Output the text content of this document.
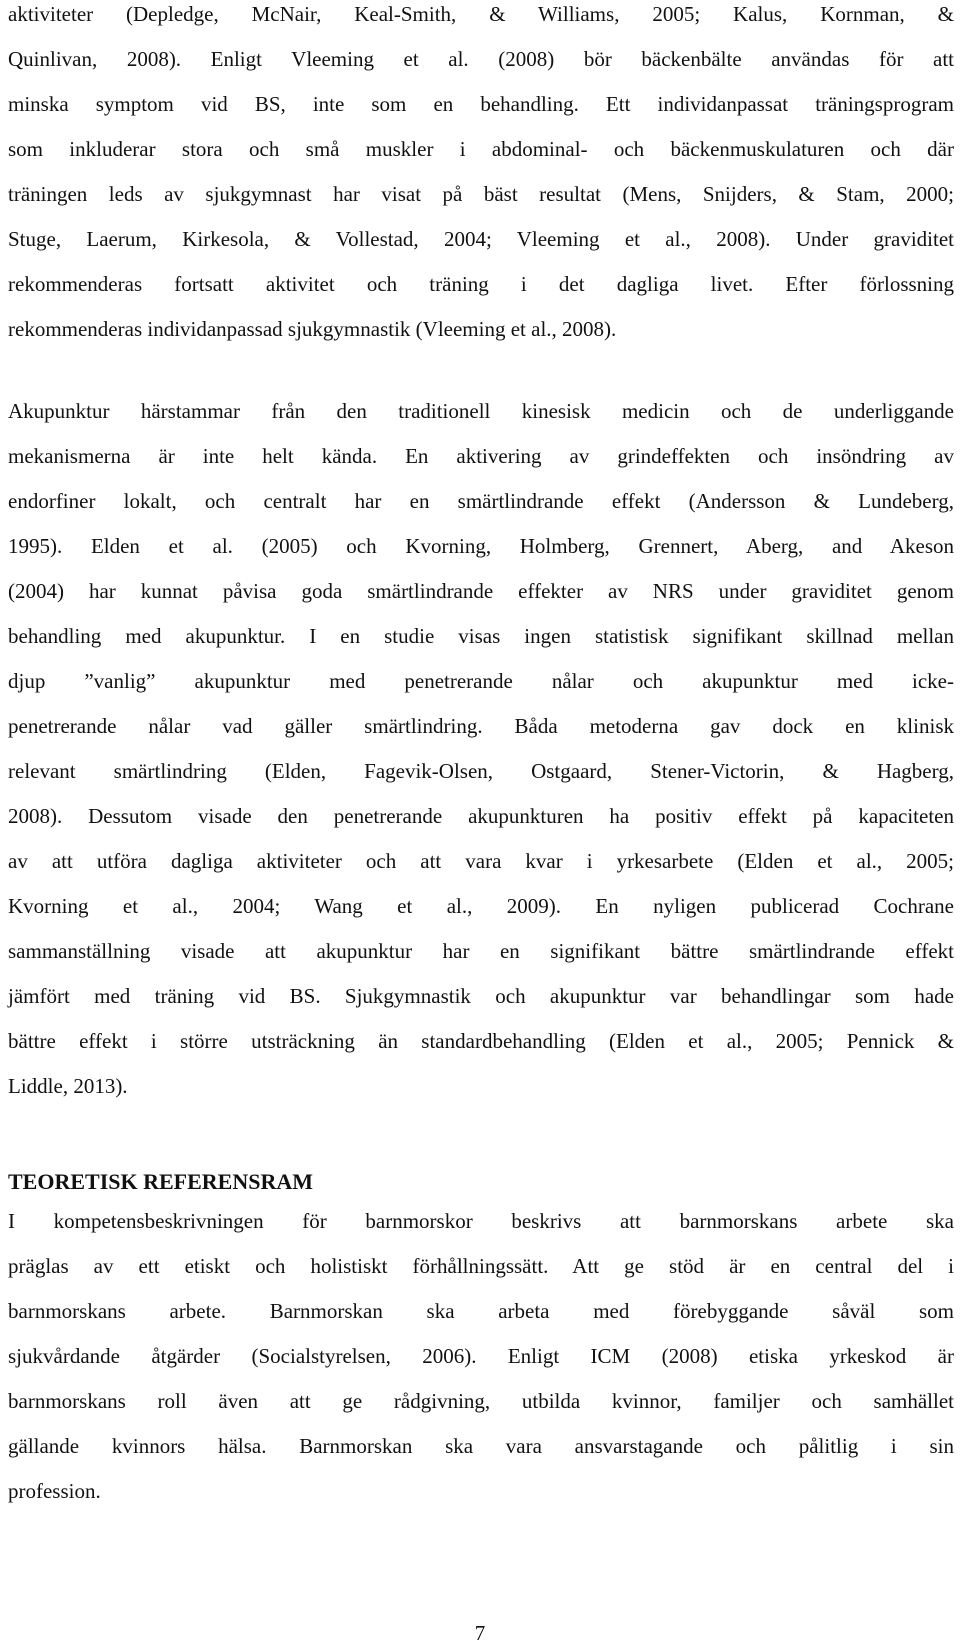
aktiviteter (Depledge, McNair, Keal-Smith, & Williams, 2005; Kalus, Kornman, &
Quinlivan, 2008). Enligt Vleeming et al. (2008) bör bäckenbälte användas för att
minska symptom vid BS, inte som en behandling. Ett individanpassat träningsprogram
som inkluderar stora och små muskler i abdominal- och bäckenmuskulaturen och där
träningen leds av sjukgymnast har visat på bäst resultat (Mens, Snijders, & Stam, 2000;
Stuge, Laerum, Kirkesola, & Vollestad, 2004; Vleeming et al., 2008). Under graviditet
rekommenderas fortsatt aktivitet och träning i det dagliga livet. Efter förlossning
rekommenderas individanpassad sjukgymnastik (Vleeming et al., 2008).
Akupunktur härstammar från den traditionell kinesisk medicin och de underliggande
mekanismerna är inte helt kända. En aktivering av grindeffekten och insöndring av
endorfiner lokalt, och centralt har en smärtlindrande effekt (Andersson & Lundeberg,
1995). Elden et al. (2005) och Kvorning, Holmberg, Grennert, Aberg, and Akeson
(2004) har kunnat påvisa goda smärtlindrande effekter av NRS under graviditet genom
behandling med akupunktur. I en studie visas ingen statistisk signifikant skillnad mellan
djup ”vanlig” akupunktur med penetrerande nålar och akupunktur med icke-
penetrerande nålar vad gäller smärtlindring. Båda metoderna gav dock en klinisk
relevant smärtlindring (Elden, Fagevik-Olsen, Ostgaard, Stener-Victorin, & Hagberg,
2008). Dessutom visade den penetrerande akupunkturen ha positiv effekt på kapaciteten
av att utföra dagliga aktiviteter och att vara kvar i yrkesarbete (Elden et al., 2005;
Kvorning et al., 2004; Wang et al., 2009). En nyligen publicerad Cochrane
sammanställning visade att akupunktur har en signifikant bättre smärtlindrande effekt
jämfört med träning vid BS. Sjukgymnastik och akupunktur var behandlingar som hade
bättre effekt i större utsträckning än standardbehandling (Elden et al., 2005; Pennick &
Liddle, 2013).
TEORETISK REFERENSRAM
I kompetensbeskrivningen för barnmorskor beskrivs att barnmorskans arbete ska
präglas av ett etiskt och holistiskt förhållningssätt. Att ge stöd är en central del i
barnmorskans arbete. Barnmorskan ska arbeta med förebyggande såväl som
sjukvårdande åtgärder (Socialstyrelsen, 2006). Enligt ICM (2008) etiska yrkeskod är
barnmorskans roll även att ge rådgivning, utbilda kvinnor, familjer och samhället
gällande kvinnors hälsa. Barnmorskan ska vara ansvarstagande och pålitlig i sin
profession.
7
